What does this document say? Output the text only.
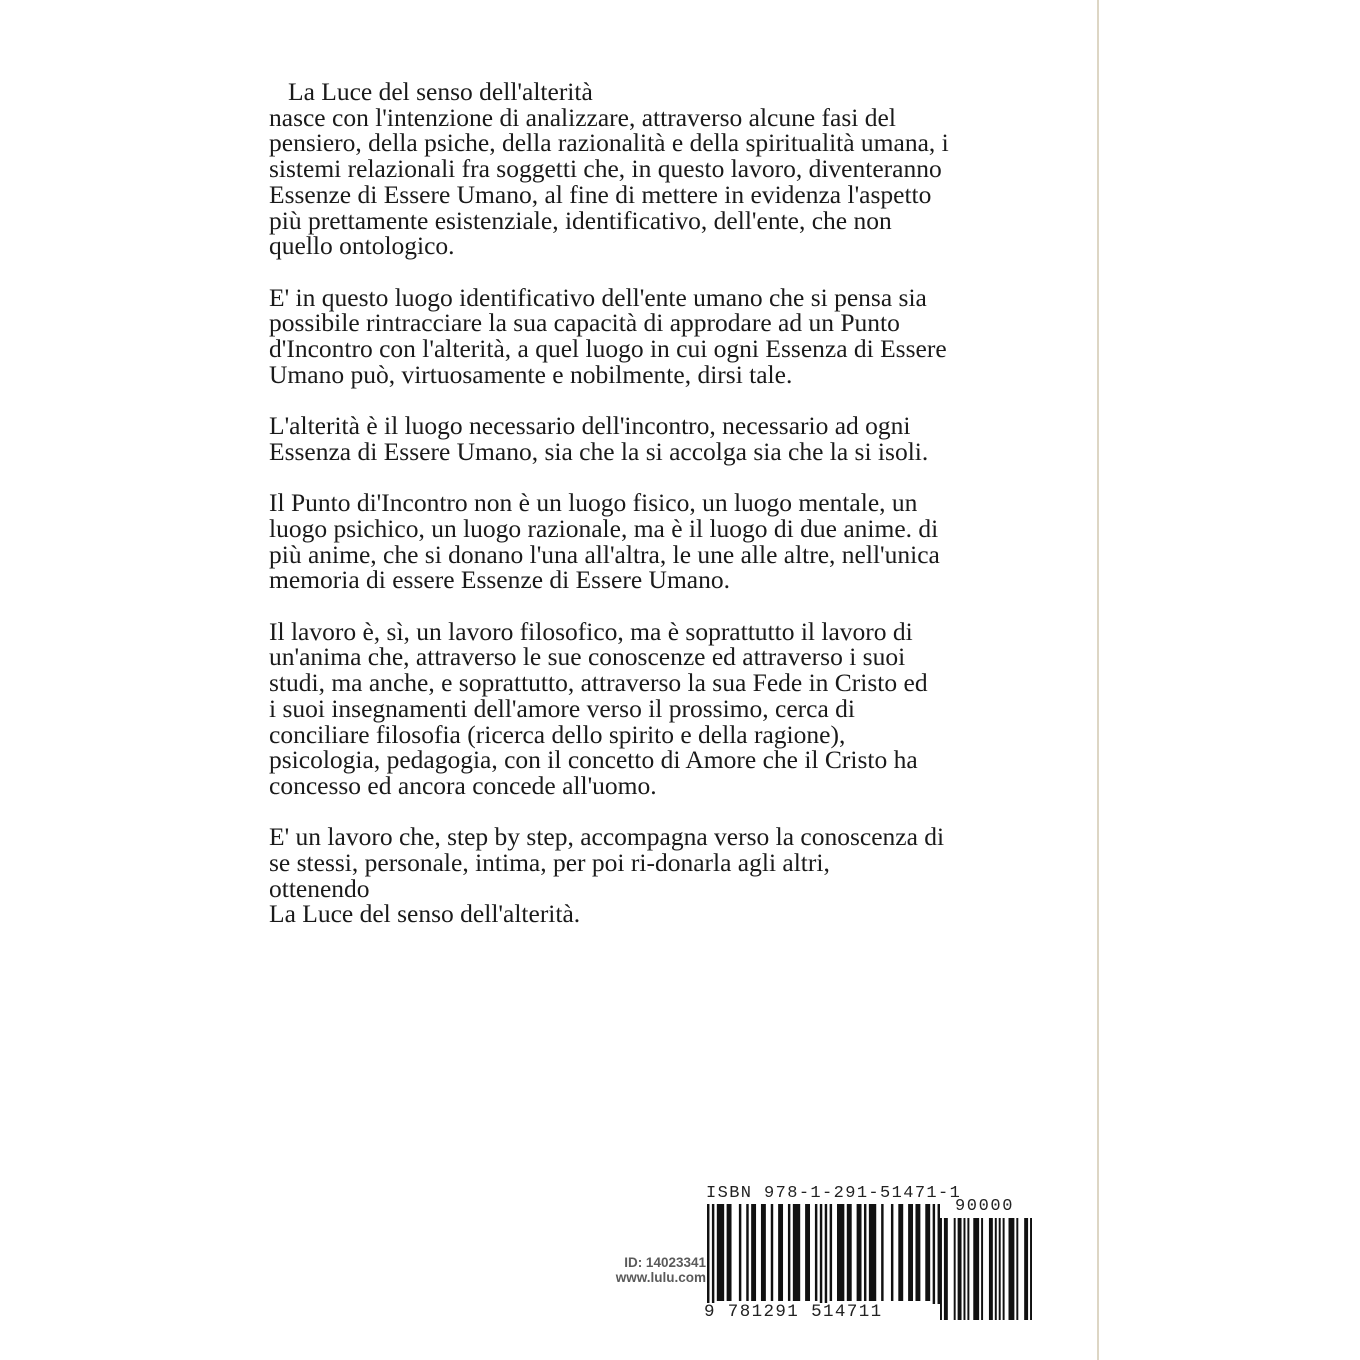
La Luce del senso dell'alterità
nasce con l'intenzione di analizzare, attraverso alcune fasi del
pensiero, della psiche, della razionalità e della spiritualità umana, i
sistemi relazionali fra soggetti che, in questo lavoro, diventeranno
Essenze di Essere Umano, al fine di mettere in evidenza l'aspetto
più prettamente esistenziale, identificativo, dell'ente, che non
quello ontologico.

E' in questo luogo identificativo dell'ente umano che si pensa sia
possibile rintracciare la sua capacità di approdare ad un Punto
d'Incontro con l'alterità, a quel luogo in cui ogni Essenza di Essere
Umano può, virtuosamente e nobilmente, dirsi tale.

L'alterità è il luogo necessario dell'incontro, necessario ad ogni
Essenza di Essere Umano, sia che la si accolga sia che la si isoli.

Il Punto di'Incontro non è un luogo fisico, un luogo mentale, un
luogo psichico, un luogo razionale, ma è il luogo di due anime. di
più anime, che si donano l'una all'altra, le une alle altre, nell'unica
memoria di essere Essenze di Essere Umano.

Il lavoro è, sì, un lavoro filosofico, ma è soprattutto il lavoro di
un'anima che, attraverso le sue conoscenze ed attraverso i suoi
studi, ma anche, e soprattutto, attraverso la sua Fede in Cristo ed
i suoi insegnamenti dell'amore verso il prossimo, cerca di
conciliare filosofia (ricerca dello spirito e della ragione),
psicologia, pedagogia, con il concetto di Amore che il Cristo ha
concesso ed ancora concede all'uomo.

E' un lavoro che, step by step, accompagna verso la conoscenza di
se stessi, personale, intima, per poi ri-donarla agli altri,
ottenendo
La Luce del senso dell'alterità.

ID: 14023341
www.lulu.com
ISBN 978-1-291-51471-1
90000
9 781291 514711
